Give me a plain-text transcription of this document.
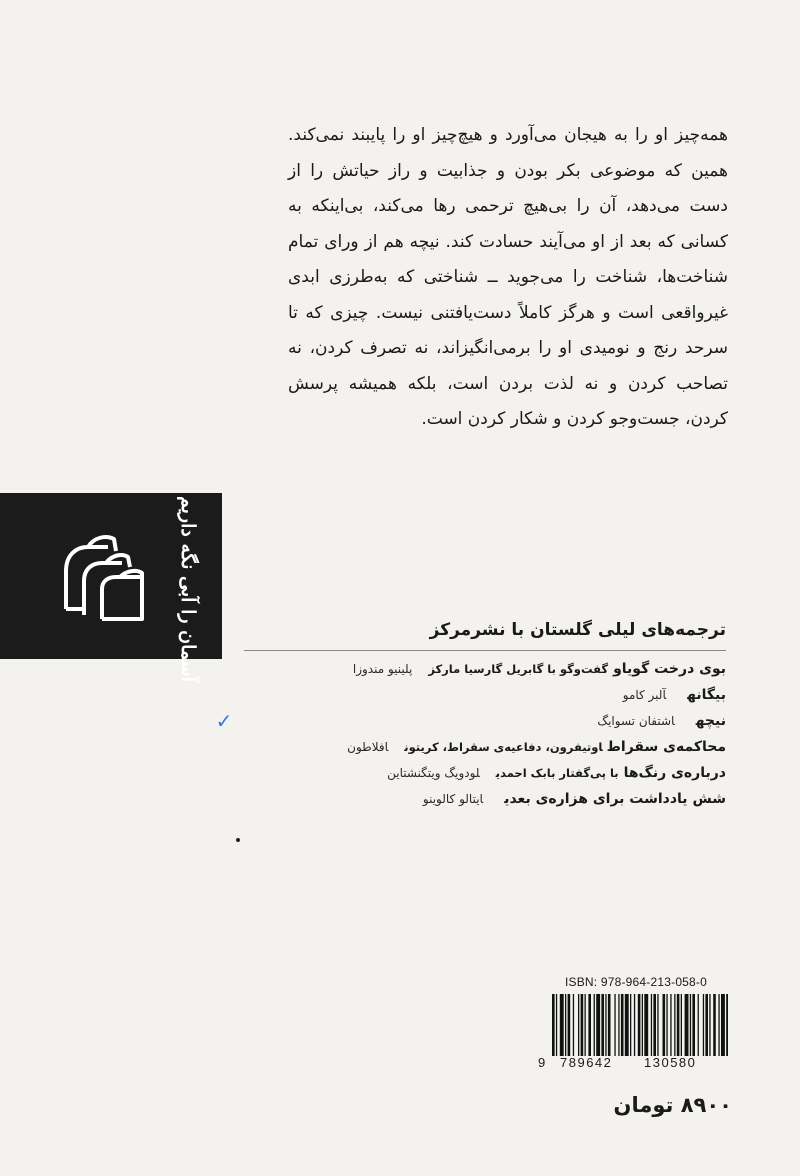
همه‌چیز او را به هیجان می‌آورد و هیچ‌چیز او را پایبند نمی‌کند. همین که موضوعی بکر بودن و جذابیت و راز حیاتش را از دست می‌دهد، آن را بی‌هیچ ترحمی رها می‌کند، بی‌اینکه به کسانی که بعد از او می‌آیند حسادت کند. نیچه هم از ورای تمام شناخت‌ها، شناخت را می‌جوید ــ شناختی که به‌طرزی ابدی غیرواقعی است و هرگز کاملاً دست‌یافتنی نیست. چیزی که تا سرحد رنج و نومیدی او را برمی‌انگیزاند، نه تصرف کردن، نه تصاحب کردن و نه لذت بردن است، بلکه همیشه پرسش کردن، جست‌وجو کردن و شکار کردن است.

آسمان را آبی نگه داریم	ترجمه‌های لیلی گلستان با نشرمرکز
بوی درخت گویاوگفت‌وگو با گابریل گارسیا مارکزپلینیو مندوزا
بیگانهآلبر کامو
✓	نیچهاشتفان تسوایگ
محاکمه‌ی سقراطاوتیفرون، دفاعیه‌ی سقراط، کریتونافلاطون
درباره‌ی رنگ‌هابا پی‌گفتار بابک احمدیلودویگ ویتگنشتاین
شش یادداشت برای هزاره‌ی بعدیایتالو کالوینو
ISBN: 978-964-213-058-0
9 789642 130580
۸۹۰۰ تومان
